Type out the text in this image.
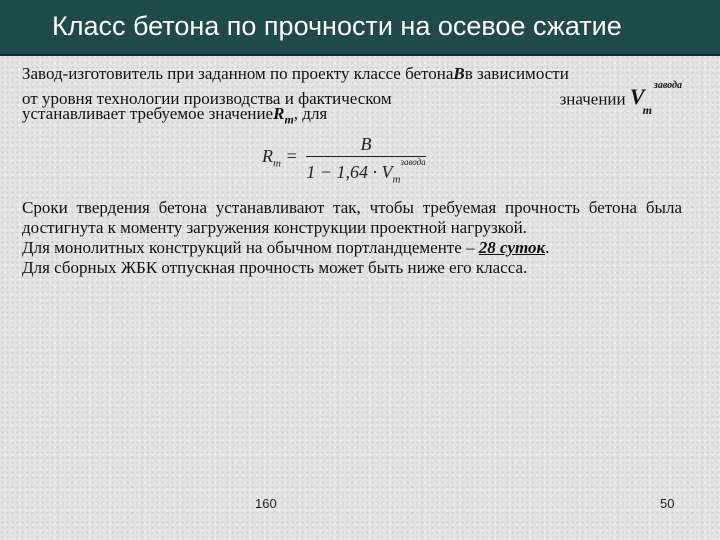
Класс бетона по прочности на осевое сжатие
Завод-изготовитель при заданном по проекту классе бетона В в зависимости
от уровня технологии производства и фактическом	значении $V_m^{завода}$
устанавливает требуемое значение $R_m$ , для
$R_m$ =
B
$1 - 1,64 \cdot V_m^{завода}$
Сроки твердения бетона устанавливают так, чтобы требуемая прочность бетона была достигнута к моменту загружения конструкции проектной нагрузкой.
Для монолитных конструкций на обычном портландцементе – 28 суток.
Для сборных ЖБК отпускная прочность может быть ниже его класса.
160	50
